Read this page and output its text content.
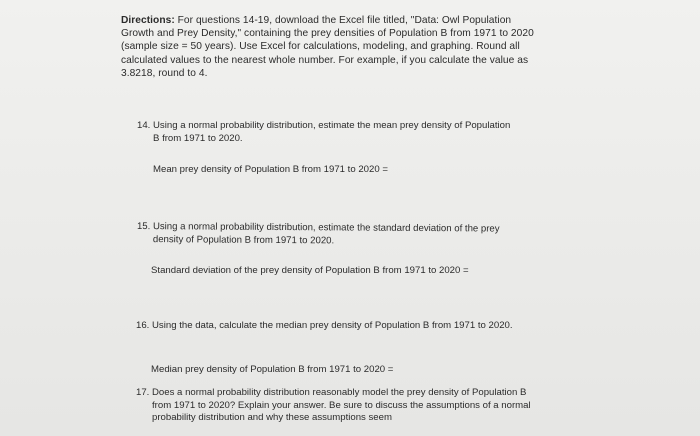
Directions: For questions 14-19, download the Excel file titled, "Data: Owl Population Growth and Prey Density," containing the prey densities of Population B from 1971 to 2020 (sample size = 50 years). Use Excel for calculations, modeling, and graphing. Round all calculated values to the nearest whole number. For example, if you calculate the value as 3.8218, round to 4.
14. Using a normal probability distribution, estimate the mean prey density of Population B from 1971 to 2020.
Mean prey density of Population B from 1971 to 2020 =
15. Using a normal probability distribution, estimate the standard deviation of the prey density of Population B from 1971 to 2020.
Standard deviation of the prey density of Population B from 1971 to 2020 =
16. Using the data, calculate the median prey density of Population B from 1971 to 2020.
Median prey density of Population B from 1971 to 2020 =
17. Does a normal probability distribution reasonably model the prey density of Population B from 1971 to 2020? Explain your answer. Be sure to discuss the assumptions of a normal probability distribution and why these assumptions seem
